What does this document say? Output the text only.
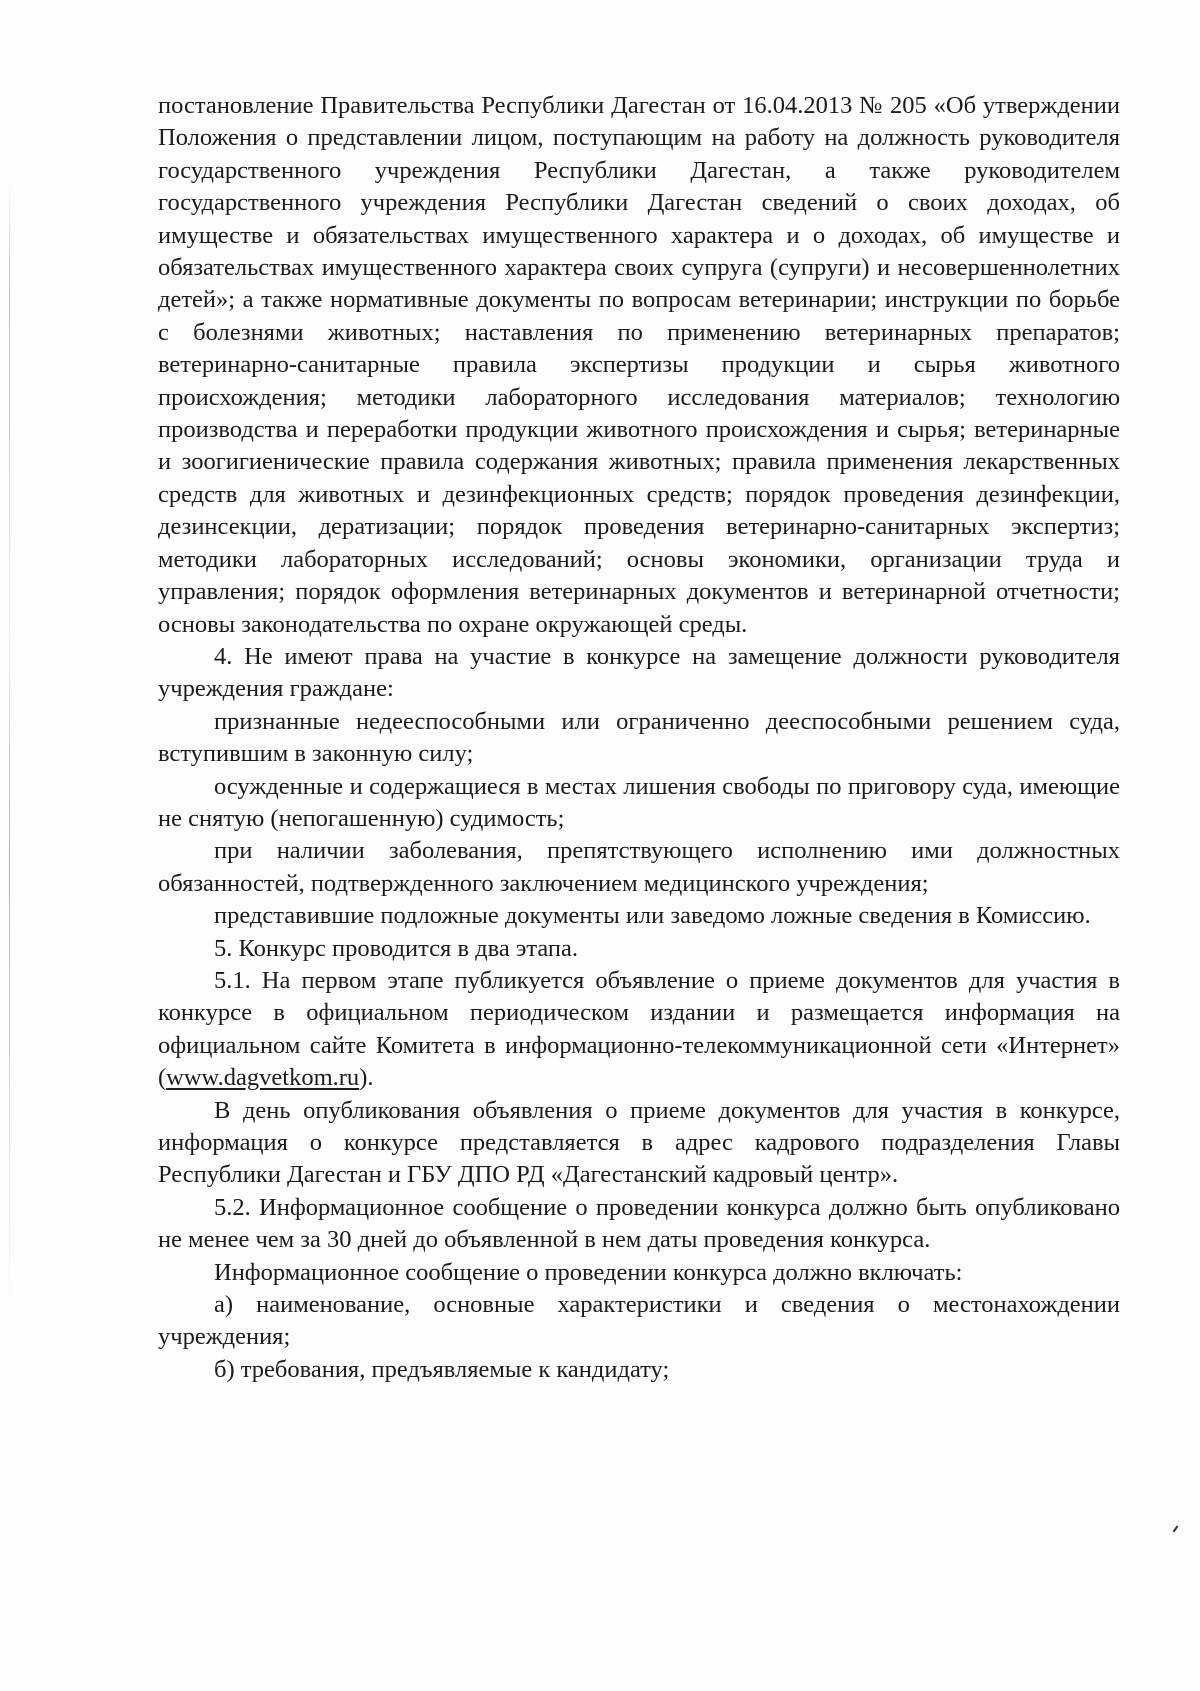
постановление Правительства Республики Дагестан от 16.04.2013 № 205 «Об утверждении Положения о представлении лицом, поступающим на работу на должность руководителя государственного учреждения Республики Дагестан, а также руководителем государственного учреждения Республики Дагестан сведений о своих доходах, об имуществе и обязательствах имущественного характера и о доходах, об имуществе и обязательствах имущественного характера своих супруга (супруги) и несовершеннолетних детей»; а также нормативные документы по вопросам ветеринарии; инструкции по борьбе с болезнями животных; наставления по применению ветеринарных препаратов; ветеринарно-санитарные правила экспертизы продукции и сырья животного происхождения; методики лабораторного исследования материалов; технологию производства и переработки продукции животного происхождения и сырья; ветеринарные и зоогигиенические правила содержания животных; правила применения лекарственных средств для животных и дезинфекционных средств; порядок проведения дезинфекции, дезинсекции, дератизации; порядок проведения ветеринарно-санитарных экспертиз; методики лабораторных исследований; основы экономики, организации труда и управления; порядок оформления ветеринарных документов и ветеринарной отчетности; основы законодательства по охране окружающей среды.

4. Не имеют права на участие в конкурсе на замещение должности руководителя учреждения граждане:

признанные недееспособными или ограниченно дееспособными решением суда, вступившим в законную силу;

осужденные и содержащиеся в местах лишения свободы по приговору суда, имеющие не снятую (непогашенную) судимость;

при наличии заболевания, препятствующего исполнению ими должностных обязанностей, подтвержденного заключением медицинского учреждения;

представившие подложные документы или заведомо ложные сведения в Комиссию.

5. Конкурс проводится в два этапа.

5.1. На первом этапе публикуется объявление о приеме документов для участия в конкурсе в официальном периодическом издании и размещается информация на официальном сайте Комитета в информационно-телекоммуникационной сети «Интернет» (www.dagvetkom.ru).

В день опубликования объявления о приеме документов для участия в конкурсе, информация о конкурсе представляется в адрес кадрового подразделения Главы Республики Дагестан и ГБУ ДПО РД «Дагестанский кадровый центр».

5.2. Информационное сообщение о проведении конкурса должно быть опубликовано не менее чем за 30 дней до объявленной в нем даты проведения конкурса.

Информационное сообщение о проведении конкурса должно включать:

а) наименование, основные характеристики и сведения о местонахождении учреждения;

б) требования, предъявляемые к кандидату;
